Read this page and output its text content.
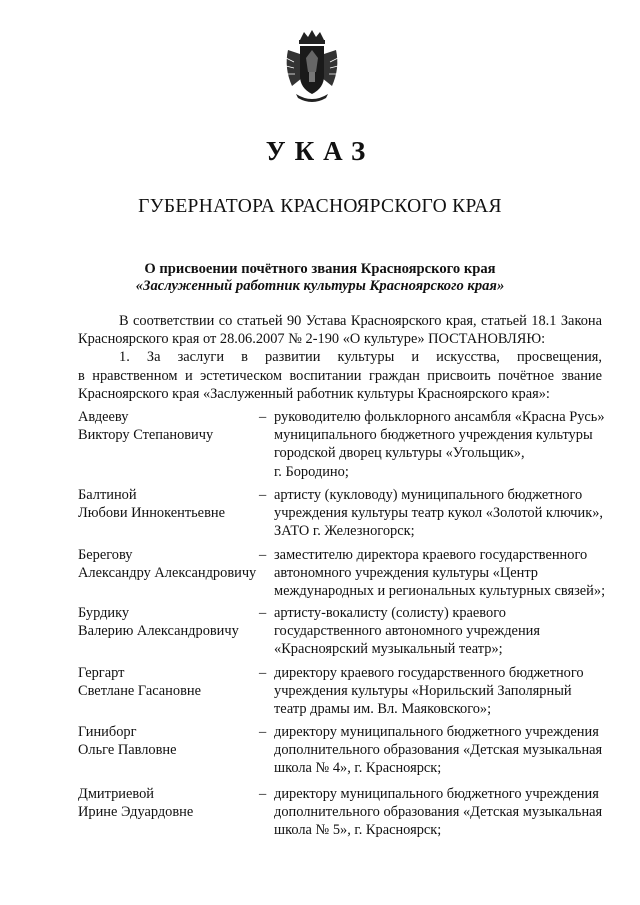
УКАЗ
ГУБЕРНАТОРА КРАСНОЯРСКОГО КРАЯ
О присвоении почётного звания Красноярского края
«Заслуженный работник культуры Красноярского края»

В соответствии со статьей 90 Устава Красноярского края, статьей 18.1 Закона

Красноярского края от 28.06.2007 № 2-190 «О культуре» ПОСТАНОВЛЯЮ:

1. За заслуги в развитии культуры и искусства, просвещения,

в нравственном и эстетическом воспитании граждан присвоить почётное звание

Красноярского края «Заслуженный работник культуры Красноярского края»:

Авдееву
Виктору Степановичу
– руководителю фольклорного ансамбля «Красна Русь»
муниципального бюджетного учреждения культуры
городской дворец культуры «Угольщик»,
г. Бородино;
Балтиной
Любови Иннокентьевне
– артисту (кукловоду) муниципального бюджетного
учреждения культуры театр кукол «Золотой ключик»,
ЗАТО г. Железногорск;
Берегову
Александру Александровичу
– заместителю директора краевого государственного
автономного учреждения культуры «Центр
международных и региональных культурных связей»;
Бурдику
Валерию Александровичу
– артисту-вокалисту (солисту) краевого
государственного автономного учреждения
«Красноярский музыкальный театр»;
Гергарт
Светлане Гасановне
– директору краевого государственного бюджетного
учреждения культуры «Норильский Заполярный
театр драмы им. Вл. Маяковского»;
Гиниборг
Ольге Павловне
– директору муниципального бюджетного учреждения
дополнительного образования «Детская музыкальная
школа № 4», г. Красноярск;
Дмитриевой
Ирине Эдуардовне
– директору муниципального бюджетного учреждения
дополнительного образования «Детская музыкальная
школа № 5», г. Красноярск;
